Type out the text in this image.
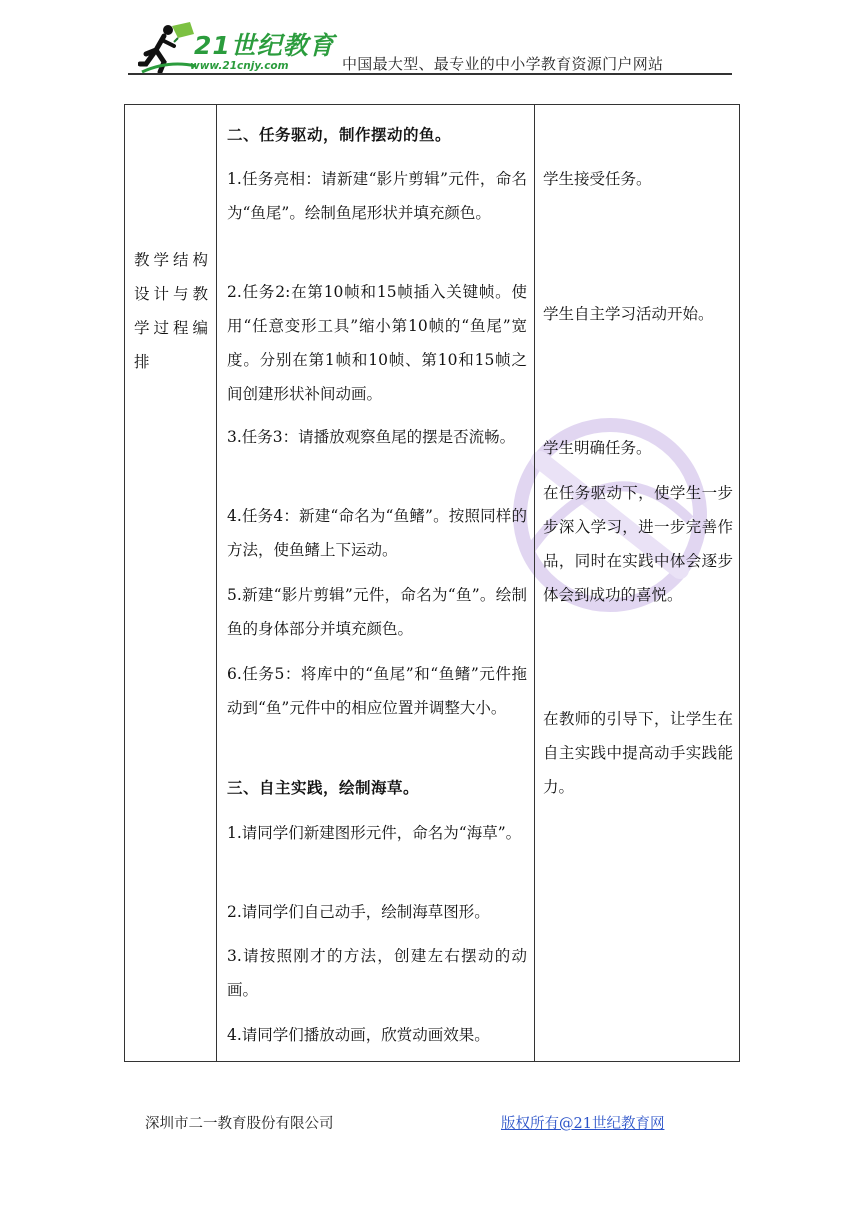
21世纪教育
www.21cnjy.com	中国最大型、最专业的中小学教育资源门户网站
教学结构设计与教学过程编排
二、任务驱动，制作摆动的鱼。
1.任务亮相：请新建“影片剪辑”元件，命名为“鱼尾”。绘制鱼尾形状并填充颜色。
2.任务2:在第10帧和15帧插入关键帧。使用“任意变形工具”缩小第10帧的“鱼尾”宽度。分别在第1帧和10帧、第10和15帧之间创建形状补间动画。
3.任务3：请播放观察鱼尾的摆是否流畅。
4.任务4：新建“命名为“鱼鳍”。按照同样的方法，使鱼鳍上下运动。
5.新建“影片剪辑”元件，命名为“鱼”。绘制鱼的身体部分并填充颜色。
6.任务5：将库中的“鱼尾”和“鱼鳍”元件拖动到“鱼”元件中的相应位置并调整大小。
三、自主实践，绘制海草。
1.请同学们新建图形元件，命名为“海草”。
2.请同学们自己动手，绘制海草图形。
3.请按照刚才的方法，创建左右摆动的动画。
4.请同学们播放动画，欣赏动画效果。
学生接受任务。
学生自主学习活动开始。
学生明确任务。
在任务驱动下，使学生一步步深入学习，进一步完善作品，同时在实践中体会逐步体会到成功的喜悦。
在教师的引导下，让学生在自主实践中提高动手实践能力。
深圳市二一教育股份有限公司	版权所有@21世纪教育网
